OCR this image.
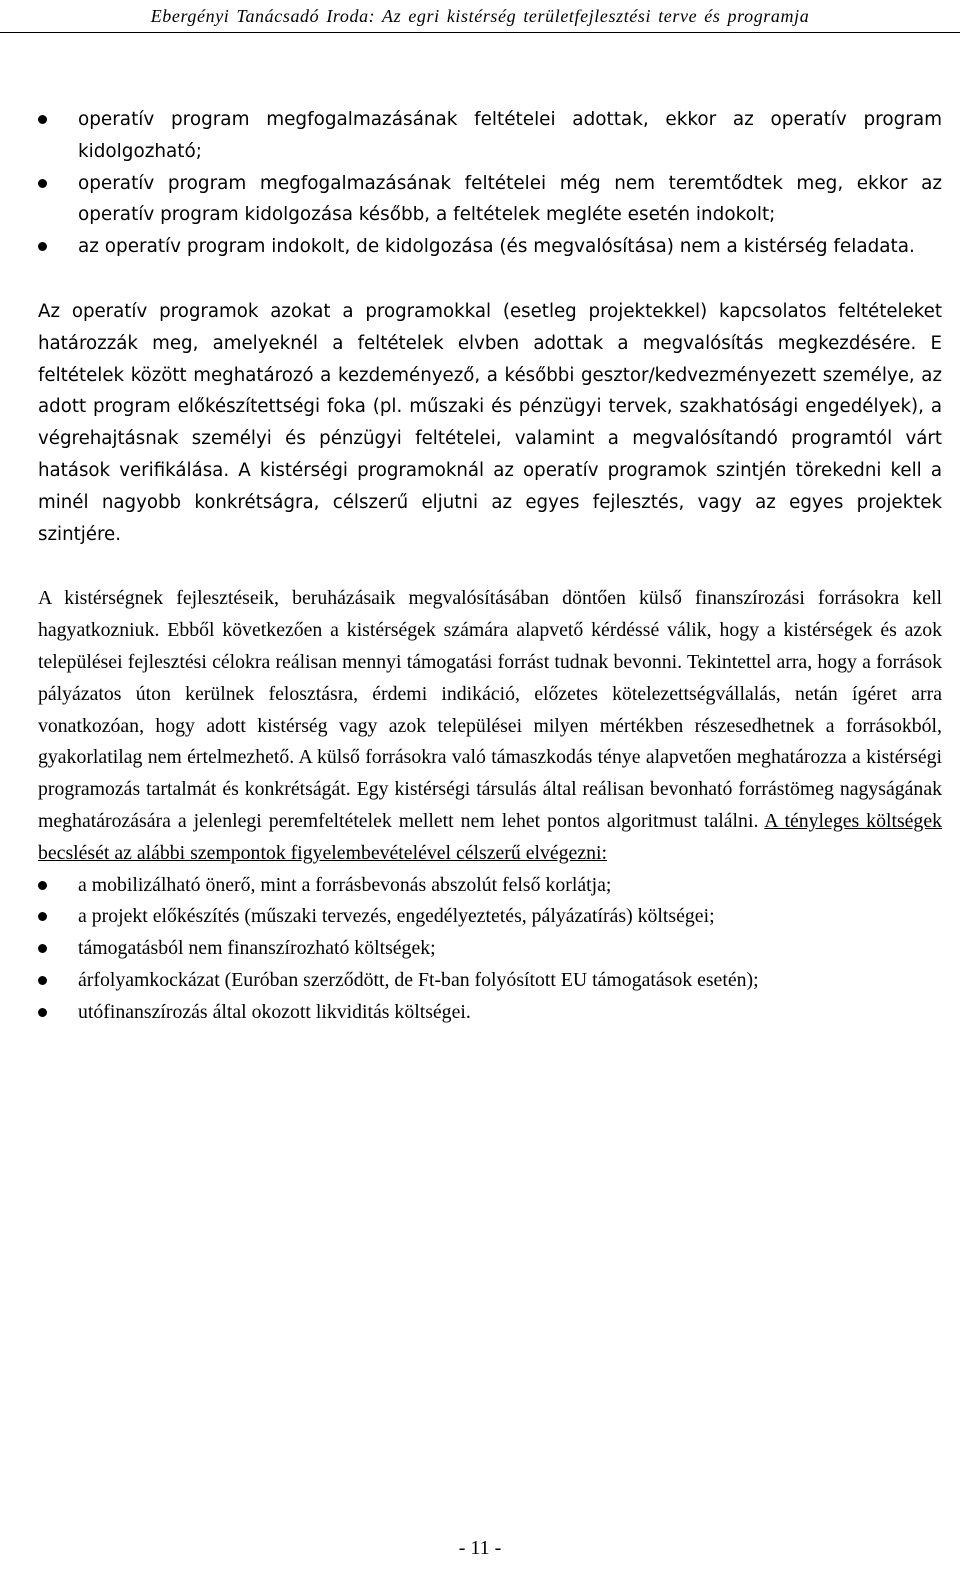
Ebergényi Tanácsadó Iroda: Az egri kistérség területfejlesztési terve és programja
operatív program megfogalmazásának feltételei adottak, ekkor az operatív program kidolgozható;
operatív program megfogalmazásának feltételei még nem teremtődtek meg, ekkor az operatív program kidolgozása később, a feltételek megléte esetén indokolt;
az operatív program indokolt, de kidolgozása (és megvalósítása) nem a kistérség feladata.

Az operatív programok azokat a programokkal (esetleg projektekkel) kapcsolatos feltételeket határozzák meg, amelyeknél a feltételek elvben adottak a megvalósítás megkezdésére. E feltételek között meghatározó a kezdeményező, a későbbi gesztor/kedvezményezett személye, az adott program előkészítettségi foka (pl. műszaki és pénzügyi tervek, szakhatósági engedélyek), a végrehajtásnak személyi és pénzügyi feltételei, valamint a megvalósítandó programtól várt hatások verifikálása. A kistérségi programoknál az operatív programok szintjén törekedni kell a minél nagyobb konkrétságra, célszerű eljutni az egyes fejlesztés, vagy az egyes projektek szintjére.

A kistérségnek fejlesztéseik, beruházásaik megvalósításában döntően külső finanszírozási forrásokra kell hagyatkozniuk. Ebből következően a kistérségek számára alapvető kérdéssé válik, hogy a kistérségek és azok települései fejlesztési célokra reálisan mennyi támogatási forrást tudnak bevonni. Tekintettel arra, hogy a források pályázatos úton kerülnek felosztásra, érdemi indikáció, előzetes kötelezettségvállalás, netán ígéret arra vonatkozóan, hogy adott kistérség vagy azok települései milyen mértékben részesedhetnek a forrásokból, gyakorlatilag nem értelmezhető. A külső forrásokra való támaszkodás ténye alapvetően meghatározza a kistérségi programozás tartalmát és konkrétságát. Egy kistérségi társulás által reálisan bevonható forrástömeg nagyságának meghatározására a jelenlegi peremfeltételek mellett nem lehet pontos algoritmust találni. A tényleges költségek becslését az alábbi szempontok figyelembevételével célszerű elvégezni:

a mobilizálható önerő, mint a forrásbevonás abszolút felső korlátja;
a projekt előkészítés (műszaki tervezés, engedélyeztetés, pályázatírás) költségei;
támogatásból nem finanszírozható költségek;
árfolyamkockázat (Euróban szerződött, de Ft-ban folyósított EU támogatások esetén);
utófinanszírozás által okozott likviditás költségei.
- 11 -
